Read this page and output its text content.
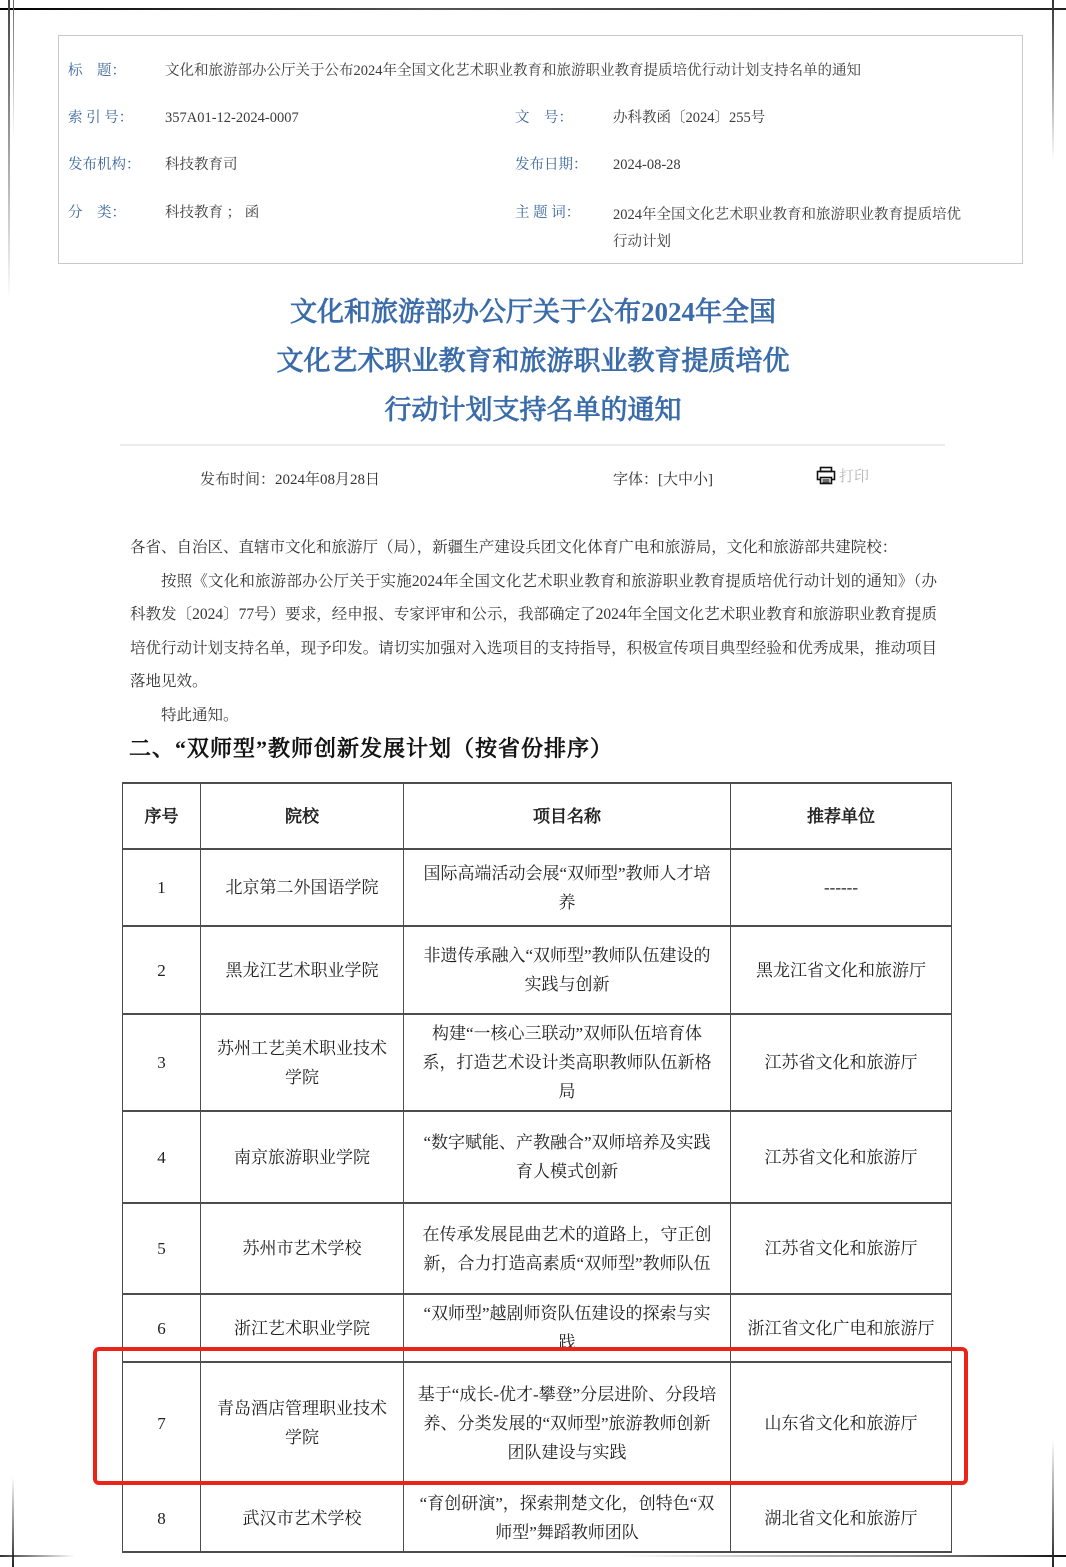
标    题：	文化和旅游部办公厅关于公布2024年全国文化艺术职业教育和旅游职业教育提质培优行动计划支持名单的通知
索 引 号：	357A01-12-2024-0007	文    号：	办科教函〔2024〕255号
发布机构：	科技教育司	发布日期：	2024-08-28
分    类：	科技教育 ； 函	主 题 词：	2024年全国文化艺术职业教育和旅游职业教育提质培优行动计划
文化和旅游部办公厅关于公布2024年全国
文化艺术职业教育和旅游职业教育提质培优
行动计划支持名单的通知
发布时间：2024年08月28日	字体：[大中小]	打印

各省、自治区、直辖市文化和旅游厅（局），新疆生产建设兵团文化体育广电和旅游局，文化和旅游部共建院校：

按照《文化和旅游部办公厅关于实施2024年全国文化艺术职业教育和旅游职业教育提质培优行动计划的通知》（办科教发〔2024〕77号）要求，经申报、专家评审和公示，我部确定了2024年全国文化艺术职业教育和旅游职业教育提质培优行动计划支持名单，现予印发。请切实加强对入选项目的支持指导，积极宣传项目典型经验和优秀成果，推动项目落地见效。

特此通知。

二、“双师型”教师创新发展计划（按省份排序）
序号	院校	项目名称	推荐单位
1	北京第二外国语学院	国际高端活动会展“双师型”教师人才培养	------
2	黑龙江艺术职业学院	非遗传承融入“双师型”教师队伍建设的实践与创新	黑龙江省文化和旅游厅
3	苏州工艺美术职业技术学院	构建“一核心三联动”双师队伍培育体系，打造艺术设计类高职教师队伍新格局	江苏省文化和旅游厅
4	南京旅游职业学院	“数字赋能、产教融合”双师培养及实践育人模式创新	江苏省文化和旅游厅
5	苏州市艺术学校	在传承发展昆曲艺术的道路上，守正创新，合力打造高素质“双师型”教师队伍	江苏省文化和旅游厅
6	浙江艺术职业学院	“双师型”越剧师资队伍建设的探索与实践	浙江省文化广电和旅游厅
7	青岛酒店管理职业技术学院	基于“成长-优才-攀登”分层进阶、分段培养、分类发展的“双师型”旅游教师创新团队建设与实践	山东省文化和旅游厅
8	武汉市艺术学校	“育创研演”，探索荆楚文化，创特色“双师型”舞蹈教师团队	湖北省文化和旅游厅
